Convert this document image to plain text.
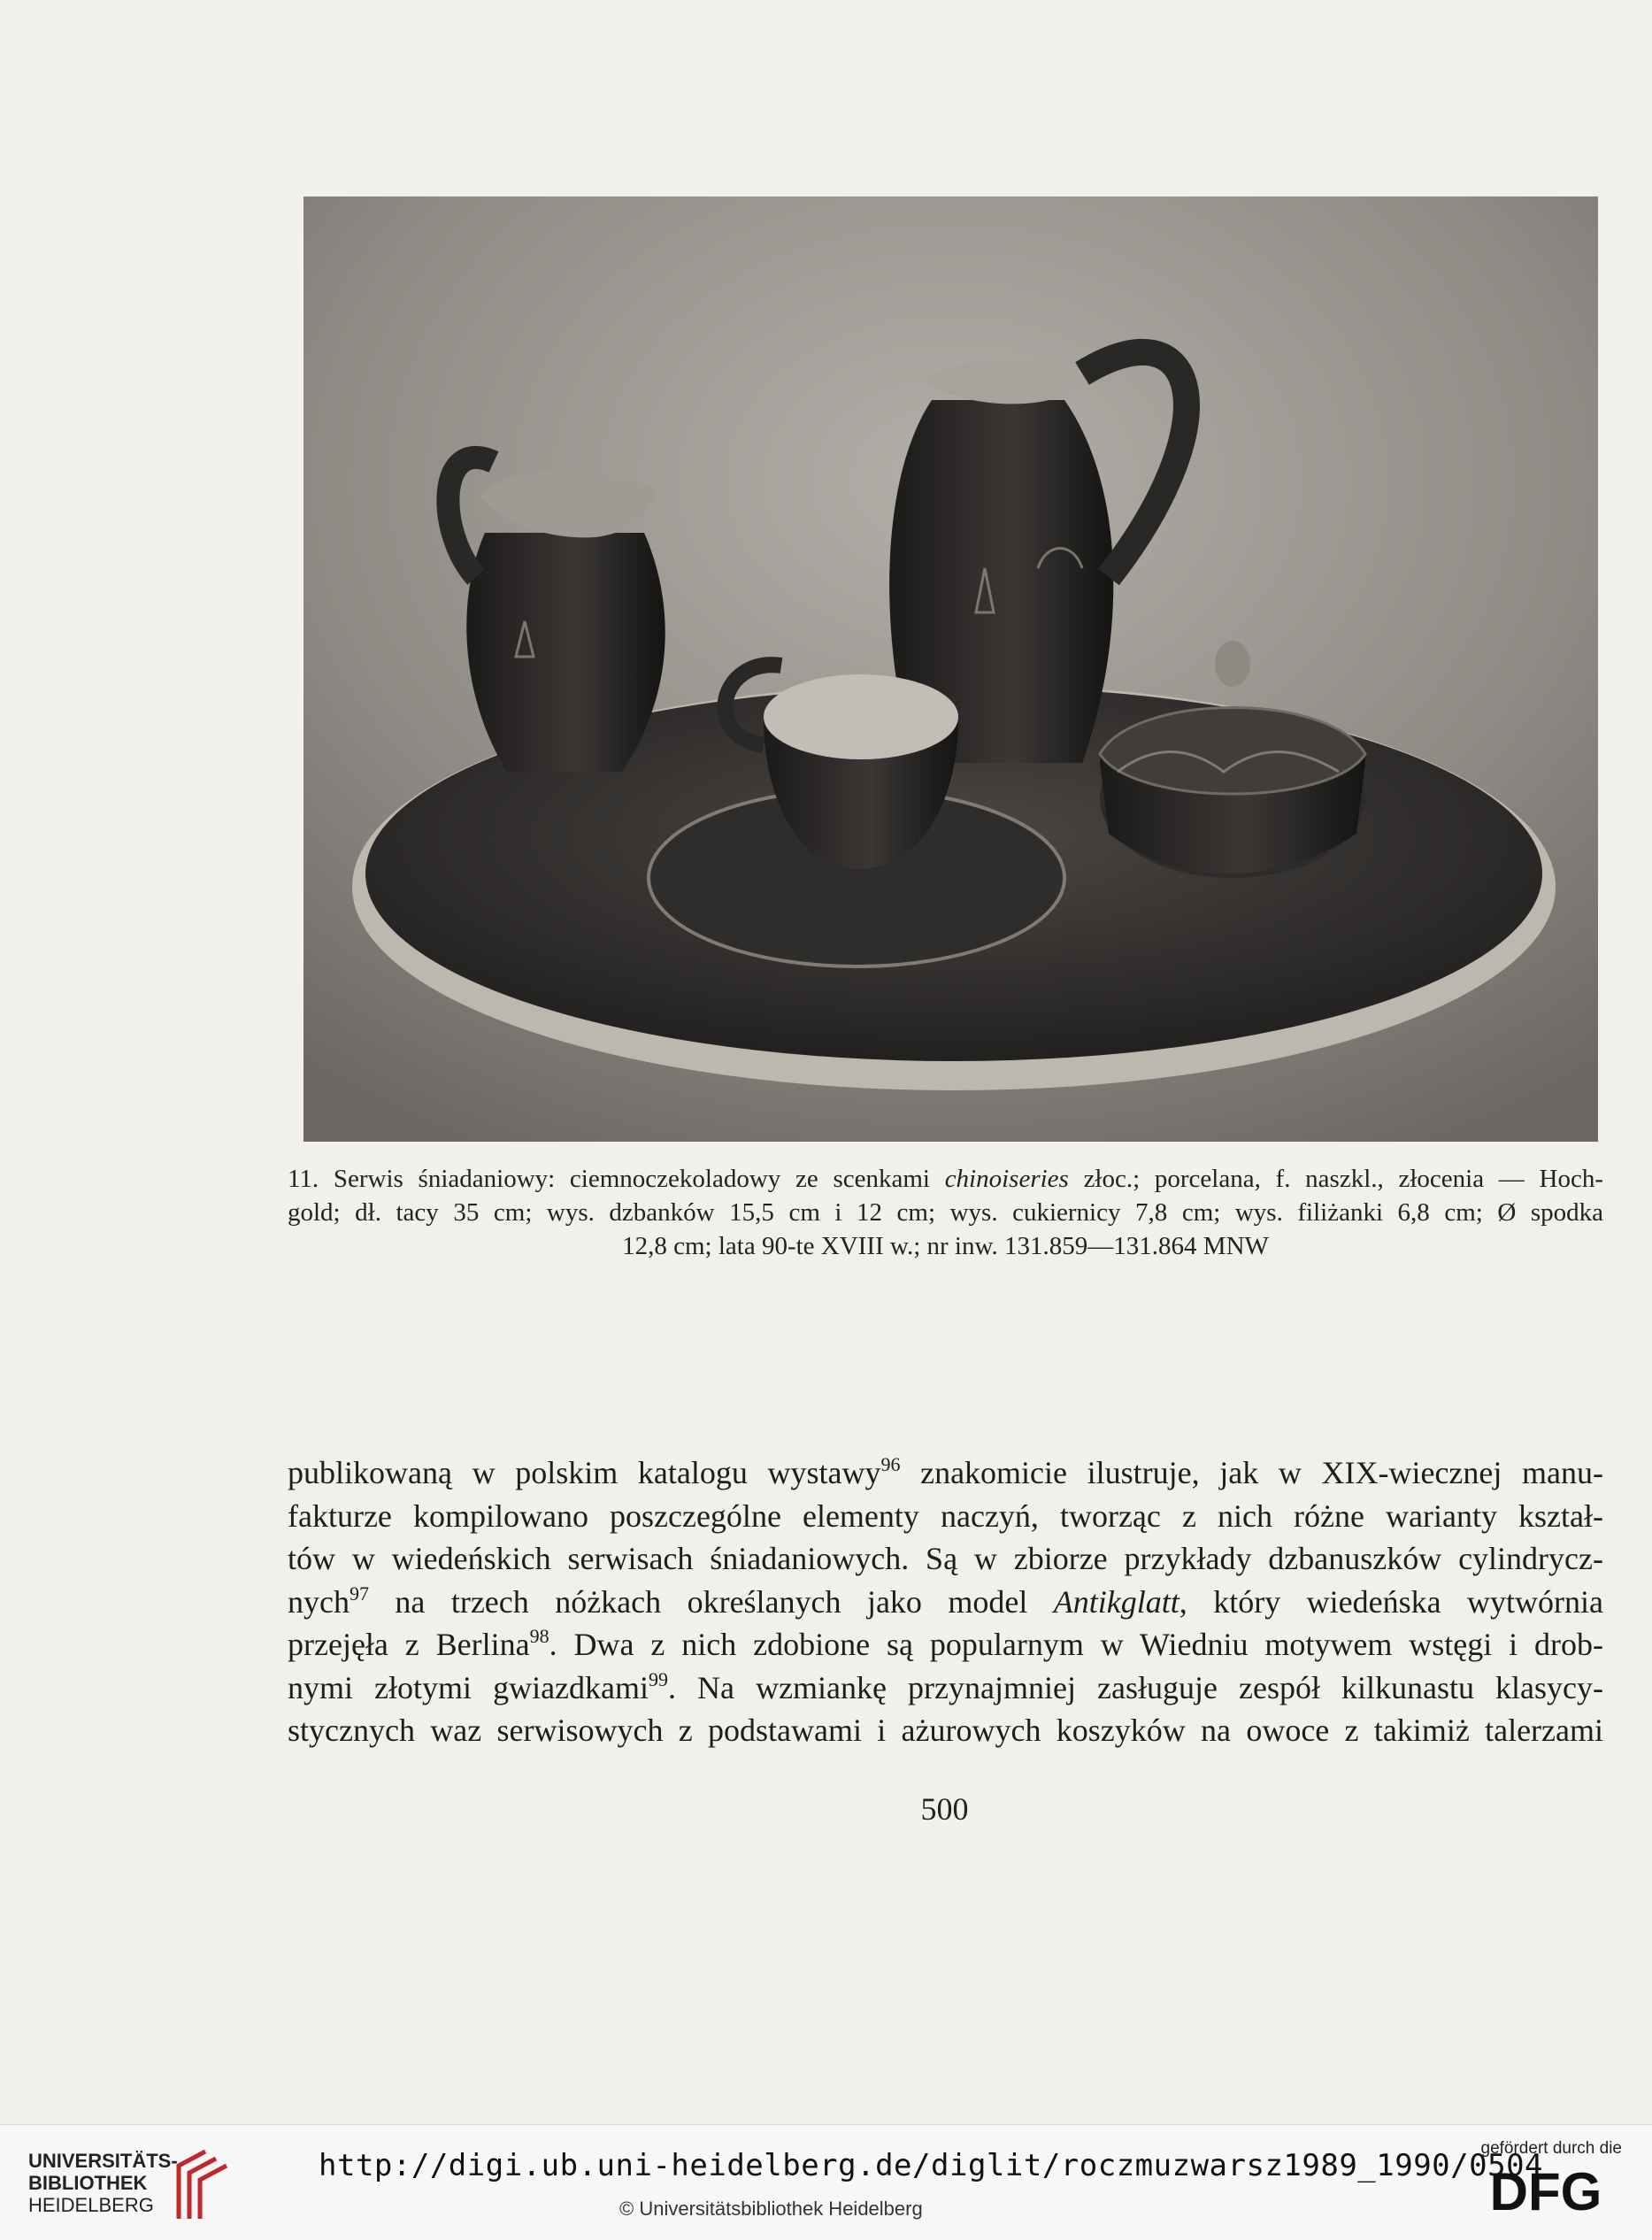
11. Serwis śniadaniowy: ciemnoczekoladowy ze scenkami chinoiseries złoc.; porcelana, f. naszkl., złocenia — Hoch-
gold; dł. tacy 35 cm; wys. dzbanków 15,5 cm i 12 cm; wys. cukiernicy 7,8 cm; wys. filiżanki 6,8 cm; Ø spodka
12,8 cm; lata 90-te XVIII w.; nr inw. 131.859—131.864 MNW
publikowaną w polskim katalogu wystawy$^{96}$ znakomicie ilustruje, jak w XIX-wiecznej manu-
fakturze kompilowano poszczególne elementy naczyń, tworząc z nich różne warianty kształ-
tów w wiedeńskich serwisach śniadaniowych. Są w zbiorze przykłady dzbanuszków cylindrycz-
nych$^{97}$ na trzech nóżkach określanych jako model Antikglatt, który wiedeńska wytwórnia
przejęła z Berlina$^{98}$. Dwa z nich zdobione są popularnym w Wiedniu motywem wstęgi i drob-
nymi złotymi gwiazdkami$^{99}$. Na wzmiankę przynajmniej zasługuje zespół kilkunastu klasycy-
stycznych waz serwisowych z podstawami i ażurowych koszyków na owoce z takimiż talerzami
500
UNIVERSITÄTS-
BIBLIOTHEK
HEIDELBERG
http://digi.ub.uni-heidelberg.de/diglit/roczmuzwarsz1989_1990/0504
© Universitätsbibliothek Heidelberg
gefördert durch die
DFG
